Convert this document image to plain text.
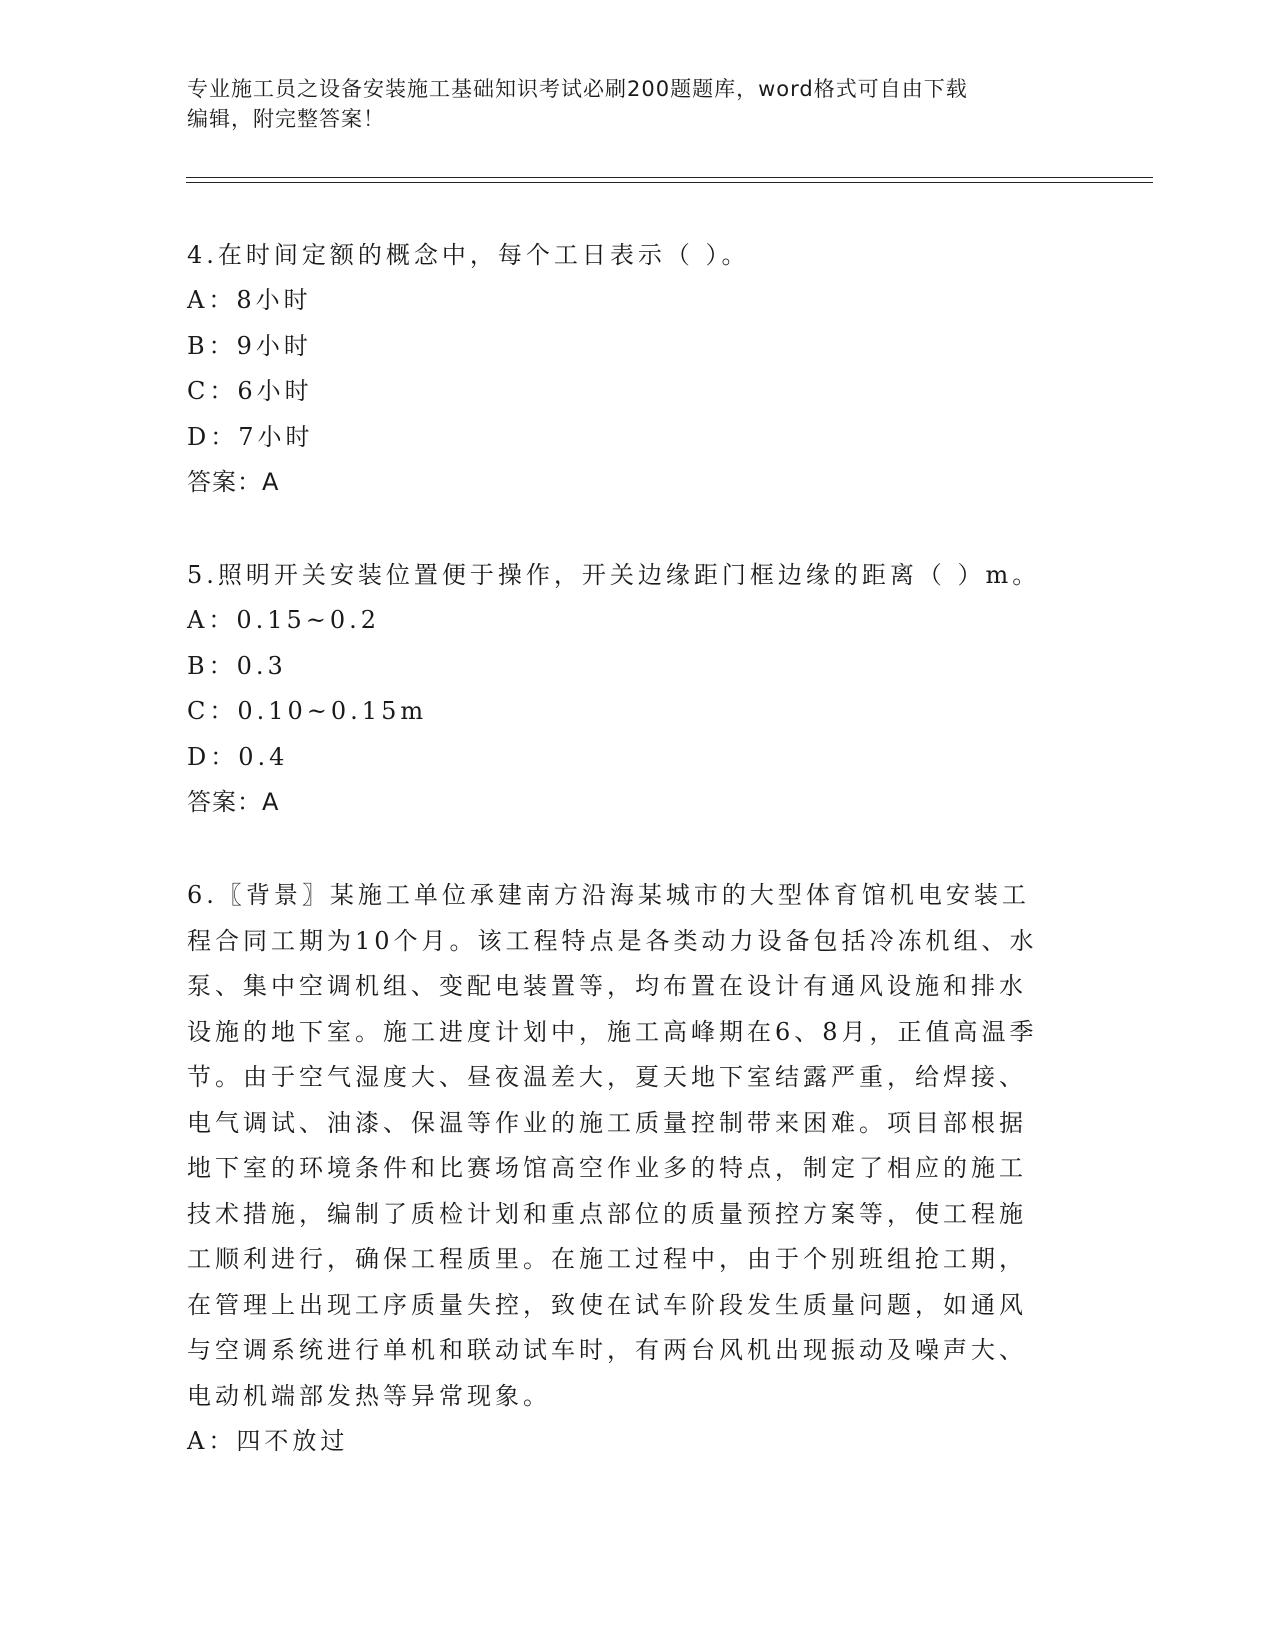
专业施工员之设备安装施工基础知识考试必刷200题题库，word格式可自由下载
编辑，附完整答案！
4.在时间定额的概念中，每个工日表示（ ）。
A：8小时
B：9小时
C：6小时
D：7小时
答案：A
5.照明开关安装位置便于操作，开关边缘距门框边缘的距离（ ）m。
A：0.15~0.2
B：0.3
C：0.10~0.15m
D：0.4
答案：A
6.〖背景〗某施工单位承建南方沿海某城市的大型体育馆机电安装工
程合同工期为10个月。该工程特点是各类动力设备包括冷冻机组、水
泵、集中空调机组、变配电装置等，均布置在设计有通风设施和排水
设施的地下室。施工进度计划中，施工高峰期在6、8月，正值高温季
节。由于空气湿度大、昼夜温差大，夏天地下室结露严重，给焊接、
电气调试、油漆、保温等作业的施工质量控制带来困难。项目部根据
地下室的环境条件和比赛场馆高空作业多的特点，制定了相应的施工
技术措施，编制了质检计划和重点部位的质量预控方案等，使工程施
工顺利进行，确保工程质里。在施工过程中，由于个别班组抢工期，
在管理上出现工序质量失控，致使在试车阶段发生质量问题，如通风
与空调系统进行单机和联动试车时，有两台风机出现振动及噪声大、
电动机端部发热等异常现象。
A：四不放过
